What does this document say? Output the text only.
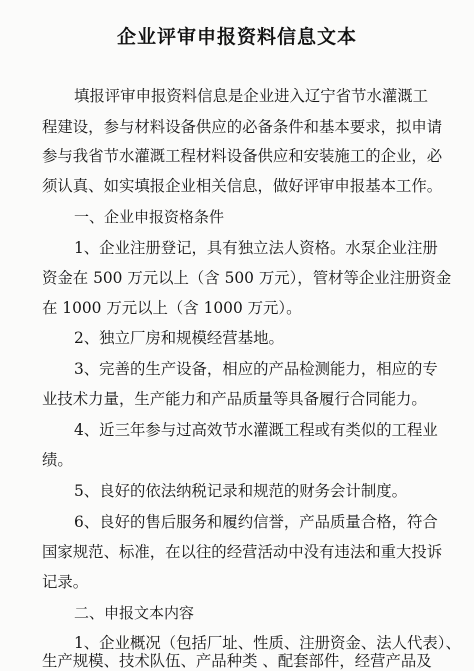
企业评审申报资料信息文本
填报评审申报资料信息是企业进入辽宁省节水灌溉工
程建设，参与材料设备供应的必备条件和基本要求，拟申请
参与我省节水灌溉工程材料设备供应和安装施工的企业，必
须认真、如实填报企业相关信息，做好评审申报基本工作。
一、企业申报资格条件
1、企业注册登记，具有独立法人资格。水泵企业注册
资金在 500 万元以上（含 500 万元），管材等企业注册资金
在 1000 万元以上（含 1000 万元）。
2、独立厂房和规模经营基地。
3、完善的生产设备，相应的产品检测能力，相应的专
业技术力量，生产能力和产品质量等具备履行合同能力。
4、近三年参与过高效节水灌溉工程或有类似的工程业
绩。
5、良好的依法纳税记录和规范的财务会计制度。
6、良好的售后服务和履约信誉，产品质量合格，符合
国家规范、标准，在以往的经营活动中没有违法和重大投诉
记录。
二、申报文本内容
1、企业概况（包括厂址、性质、注册资金、法人代表）、
生产规模、技术队伍、产品种类 、配套部件，经营产品及
